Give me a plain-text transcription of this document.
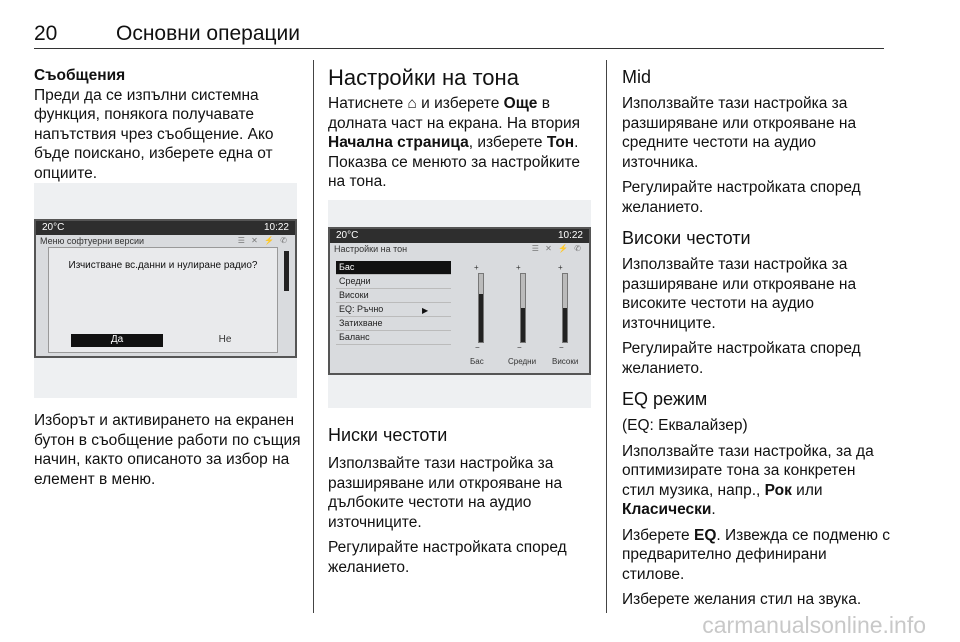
20	Основни операции

Съобщения

Преди да се изпълни системна функция, понякога получавате напътствия чрез съобщение. Ако бъде поискано, изберете една от опциите.

20°C	10:22
Меню софтуерни версии	☰ ✕ ⚡ ✆
Изчистване вс.данни и нулиране радио?
Да	Не

Изборът и активирането на екранен бутон в съобщение работи по същия начин, както описаното за избор на елемент в меню.

Настройки на тона

Натиснете ⌂ и изберете Още в долната част на екрана. На втория Начална страница, изберете Тон.

Показва се менюто за настройките на тона.

20°C	10:22
Настройки на тон	☰ ✕ ⚡ ✆
Бас
Средни
Високи
EQ: Ръчно
Затихване
Баланс
▶
+	+	+
−	−	−
Бас	Средни Високи
Ниски честоти

Използвайте тази настройка за разширяване или открояване на дълбоките честоти на аудио източниците.

Регулирайте настройката според желанието.

Mid

Използвайте тази настройка за разширяване или открояване на средните честоти на аудио източника.

Регулирайте настройката според желанието.

Високи честоти

Използвайте тази настройка за разширяване или открояване на високите честоти на аудио източниците.

Регулирайте настройката според желанието.

EQ режим

(EQ: Еквалайзер)

Използвайте тази настройка, за да оптимизирате тона за конкретен стил музика, напр., Рок или Класически.

Изберете EQ. Извежда се подменю с предварително дефинирани стилове.

Изберете желания стил на звука.

carmanualsonline.info
